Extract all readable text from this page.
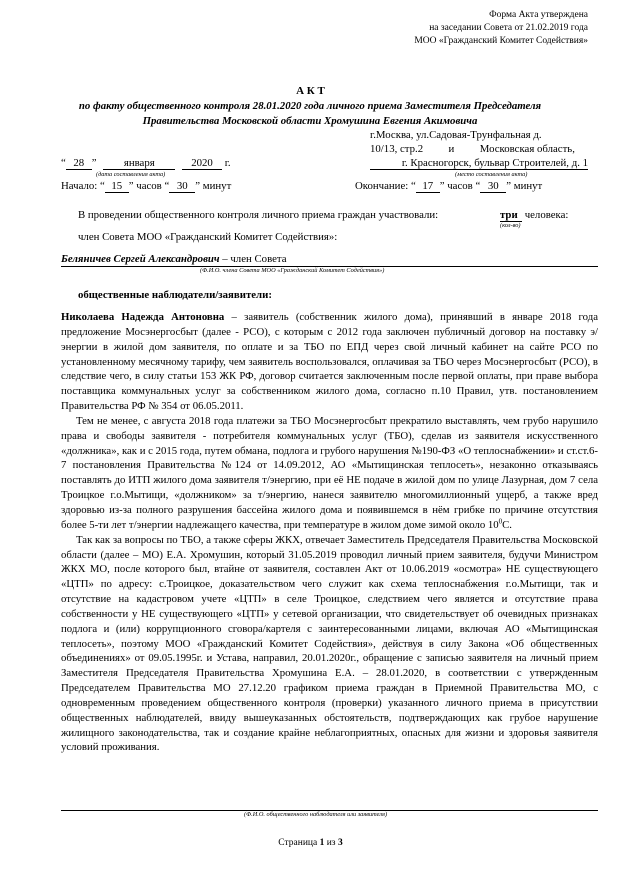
Форма Акта утверждена
на заседании Совета от 21.02.2019 года
МОО «Гражданский Комитет Содействия»
А К Т
по факту общественного контроля 28.01.2020 года личного приема Заместителя Председателя Правительства Московской области Хромушина Евгения Акимовича
г.Москва, ул.Садовая-Трунфальная д.
10/13, стр.2 и Московская область,
г. Красногорск, бульвар Строителей, д. 1
(место составления акта)
“ 28 ”	января	2020 г.
(дата составления акта)
Начало: “ 15 ” часов “ 30 ” минут	Окончание: “ 17 ” часов “ 30 ” минут
В проведении общественного контроля личного приема граждан участвовали:	три человека:
(кол-во)
член Совета МОО «Гражданский Комитет Содействия»:
Беляничев Сергей Александрович – член Совета
(Ф.И.О. члена Совета МОО «Гражданский Комитет Содействия»)
общественные наблюдатели/заявители:

Николаева Надежда Антоновна – заявитель (собственник жилого дома), принявший в январе 2018 года предложение Мосэнергосбыт (далее - РСО), с которым с 2012 года заключен публичный договор на поставку э/энергии в жилой дом заявителя, по оплате и за ТБО по ЕПД через свой личный кабинет на сайте РСО по установленному месячному тарифу, чем заявитель воспользовался, оплачивая за ТБО через Мосэнергосбыт (РСО), в следствие чего, в силу статьи 153 ЖК РФ, договор считается заключенным после первой оплаты, при праве выбора поставщика коммунальных услуг за собственником жилого дома, согласно п.10 Правил, утв. постановлением Правительства РФ № 354 от 06.05.2011.

Тем не менее, с августа 2018 года платежи за ТБО Мосэнергосбыт прекратило выставлять, чем грубо нарушило права и свободы заявителя - потребителя коммунальных услуг (ТБО), сделав из заявителя искусственного «должника», как и с 2015 года, путем обмана, подлога и грубого нарушения №190-ФЗ «О теплоснабжении» и ст.ст.6-7 постановления Правительства №124 от 14.09.2012, АО «Мытищинская теплосеть», незаконно отказываясь поставлять до ИТП жилого дома заявителя т/энергию, при её НЕ подаче в жилой дом по улице Лазурная, дом 7 села Троицкое г.о.Мытищи, «должником» за т/энергию, нанеся заявителю многомиллионный ущерб, а также вред здоровью из-за полного разрушения бассейна жилого дома и появившемся в нём грибке по причине отсутствия более 5-ти лет т/энергии надлежащего качества, при температуре в жилом доме зимой около $10^0С$.

Так как за вопросы по ТБО, а также сферы ЖКХ, отвечает Заместитель Председателя Правительства Московской области (далее – МО) Е.А. Хромушин, который 31.05.2019 проводил личный прием заявителя, будучи Министром ЖКХ МО, после которого был, втайне от заявителя, составлен Акт от 10.06.2019 «осмотра» НЕ существующего «ЦТП» по адресу: с.Троицкое, доказательством чего служит как схема теплоснабжения г.о.Мытищи, так и отсутствие на кадастровом учете «ЦТП» в селе Троицкое, следствием чего является и отсутствие права собственности у НЕ существующего «ЦТП» у сетевой организации, что свидетельствует об очевидных признаках подлога и (или) коррупционного сговора/картеля с заинтересованными лицами, включая АО «Мытищинская теплосеть», поэтому МОО «Гражданский Комитет Содействия», действуя в силу Закона «Об общественных объединениях» от 09.05.1995г. и Устава, направил, 20.01.2020г., обращение с записью заявителя на личный прием Заместителя Председателя Правительства Хромушина Е.А. – 28.01.2020, в соответствии с утвержденным Председателем Правительства МО 27.12.20 графиком приема граждан в Приемной Правительства МО, с одновременным проведением общественного контроля (проверки) указанного личного приема в присутствии общественных наблюдателей, ввиду вышеуказанных обстоятельств, подтверждающих как грубое нарушение жилищного законодательства, так и создание крайне неблагоприятных, опасных для жизни и здоровья заявителя условий проживания.

(Ф.И.О. общественного наблюдателя или заявителя)
Страница 1 из 3
